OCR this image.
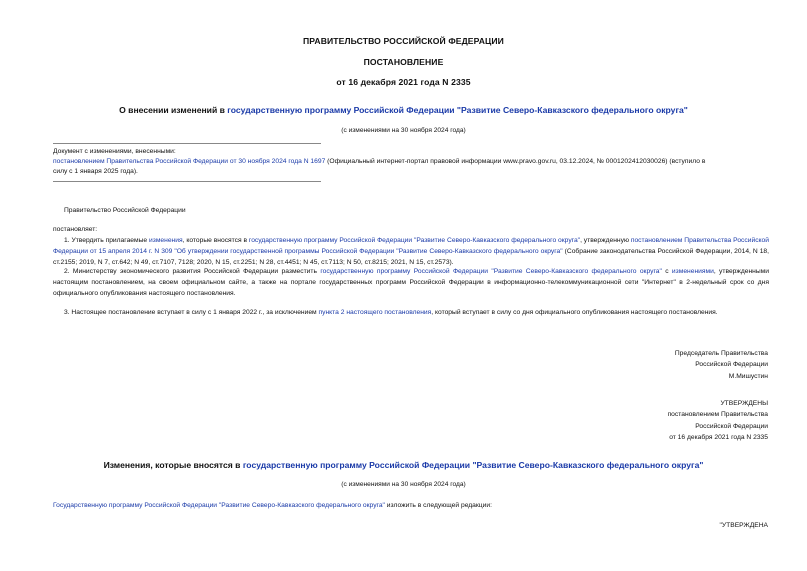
ПРАВИТЕЛЬСТВО РОССИЙСКОЙ ФЕДЕРАЦИИ
ПОСТАНОВЛЕНИЕ
от 16 декабря 2021 года N 2335
О внесении изменений в государственную программу Российской Федерации "Развитие Северо-Кавказского федерального округа"
(с изменениями на 30 ноября 2024 года)
Документ с изменениями, внесенными:
постановлением Правительства Российской Федерации от 30 ноября 2024 года N 1697 (Официальный интернет-портал правовой информации www.pravo.gov.ru, 03.12.2024, № 0001202412030026) (вступило в
силу с 1 января 2025 года).
Правительство Российской Федерации
постановляет:
1. Утвердить прилагаемые изменения, которые вносятся в государственную программу Российской Федерации "Развитие Северо-Кавказского федерального округа", утвержденную постановлением Правительства Российской Федерации от 15 апреля 2014 г. N 309 "Об утверждении государственной программы Российской Федерации "Развитие Северо-Кавказского федерального округа" (Собрание законодательства Российской Федерации, 2014, N 18, ст.2155; 2019, N 7, ст.642; N 49, ст.7107, 7128; 2020, N 15, ст.2251; N 28, ст.4451; N 45, ст.7113; N 50, ст.8215; 2021, N 15, ст.2573).
2. Министерству экономического развития Российской Федерации разместить государственную программу Российской Федерации "Развитие Северо-Кавказского федерального округа" с изменениями, утвержденными настоящим постановлением, на своем официальном сайте, а также на портале государственных программ Российской Федерации в информационно-телекоммуникационной сети "Интернет" в 2-недельный срок со дня официального опубликования настоящего постановления.
3. Настоящее постановление вступает в силу с 1 января 2022 г., за исключением пункта 2 настоящего постановления, который вступает в силу со дня официального опубликования настоящего постановления.
Председатель Правительства
Российской Федерации
М.Мишустин
УТВЕРЖДЕНЫ
постановлением Правительства
Российской Федерации
от 16 декабря 2021 года N 2335
Изменения, которые вносятся в государственную программу Российской Федерации "Развитие Северо-Кавказского федерального округа"
(с изменениями на 30 ноября 2024 года)
Государственную программу Российской Федерации "Развитие Северо-Кавказского федерального округа" изложить в следующей редакции:
"УТВЕРЖДЕНА
